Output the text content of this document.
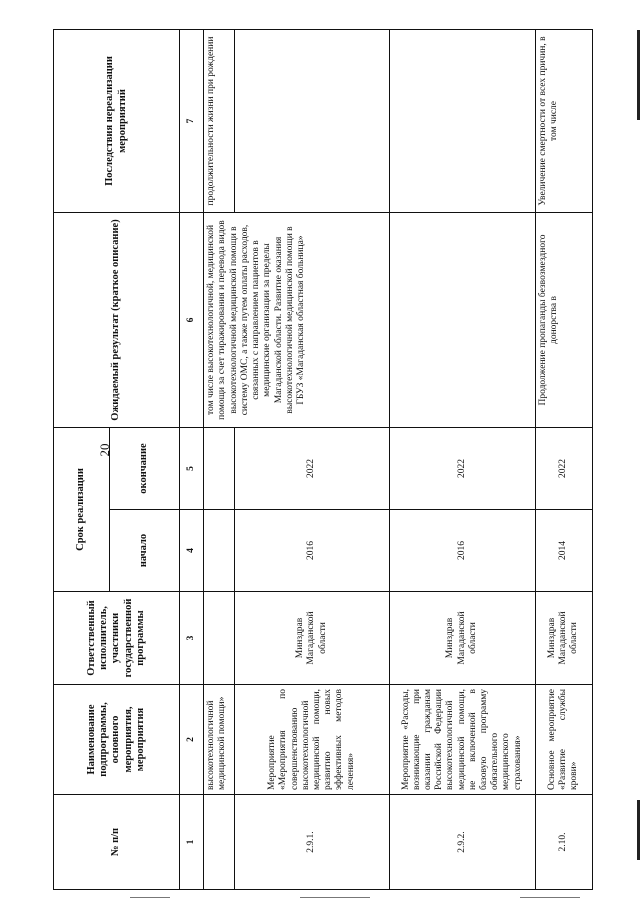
20
№ п/п	Наименование подпрограммы, основного мероприятия, мероприятия	Ответственный исполнитель, участники государственной программы	Срок реализации		Ожидаемый результат (краткое описание)	Последствия нереализации мероприятий
			начало	окончание		
1	2	3	4	5	6	7
	высокотехнологичной медицинской помощи»				том числе высокотехнологичной, медицинской помощи за счет тиражирования и перевода видов высокотехнологичной медицинской помощи в систему ОМС, а также путем оплаты расходов, связанных с направлением пациентов в медицинские организации за пределы Магаданской области. Развитие оказания высокотехнологичной медицинской помощи в ГБУЗ «Магаданская областная больница»	продолжительности жизни при рождении
2.9.1.	Мероприятие «Мероприятия по совершенствованию высокотехнологичной медицинской помощи, развитию новых эффективных методов лечения»	Минздрав Магаданской области	2016	2022		
2.9.2.	Мероприятие «Расходы, возникающие при оказании гражданам Российской Федерации высокотехнологичной медицинской помощи, не включенной в базовую программу обязательного медицинского страхования»	Минздрав Магаданской области	2016	2022		
2.10.	Основное мероприятие «Развитие службы крови»	Минздрав Магаданской области	2014	2022	Продолжение пропаганды безвозмездного донорства в	Увеличение смертности от всех причин, в том числе
